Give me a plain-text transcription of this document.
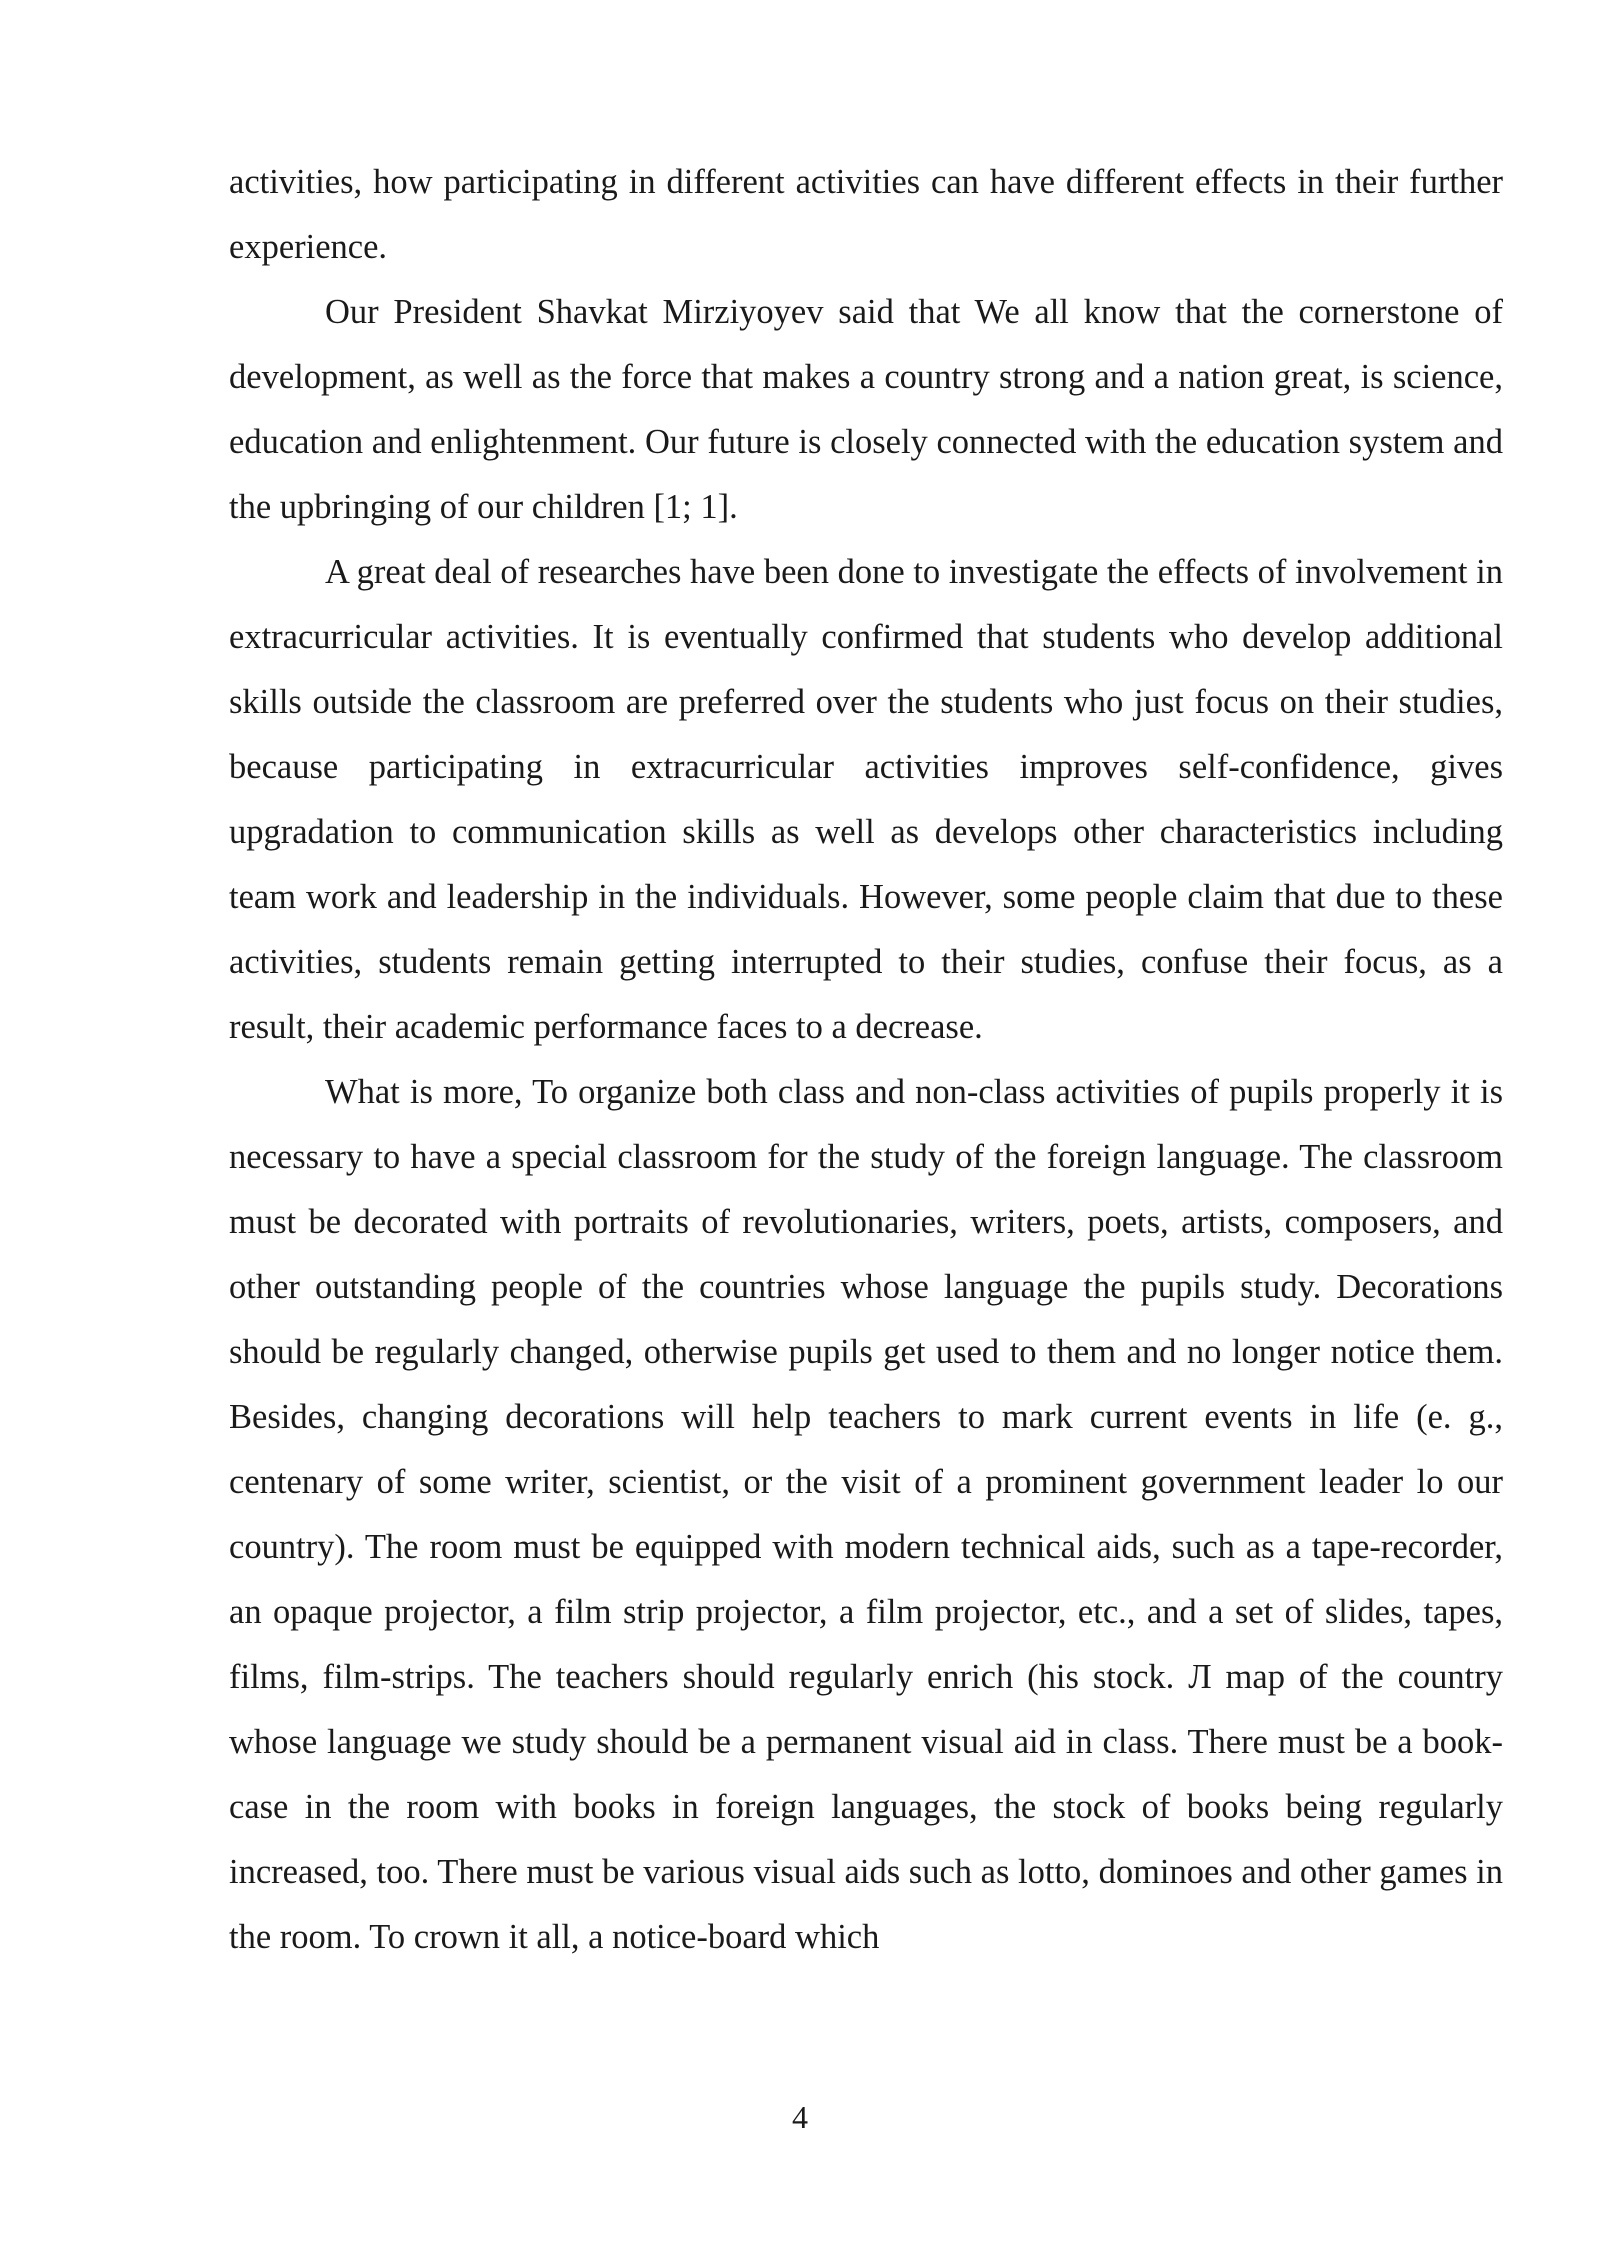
activities, how participating in different activities can have different effects in their further experience.

Our President Shavkat Mirziyoyev said that We all know that the cornerstone of development, as well as the force that makes a country strong and a nation great, is science, education and enlightenment. Our future is closely connected with the education system and the upbringing of our children [1; 1].

A great deal of researches have been done to investigate the effects of involvement in extracurricular activities. It is eventually confirmed that students who develop additional skills outside the classroom are preferred over the students who just focus on their studies, because participating in extracurricular activities improves self-confidence, gives upgradation to communication skills as well as develops other characteristics including team work and leadership in the individuals. However, some people claim that due to these activities, students remain getting interrupted to their studies, confuse their focus, as a result, their academic performance faces to a decrease.

What is more, To organize both class and non-class activities of pupils properly it is necessary to have a special classroom for the study of the foreign language. The classroom must be decorated with portraits of revolutionaries, writers, poets, artists, composers, and other outstanding people of the countries whose language the pupils study. Decorations should be regularly changed, otherwise pupils get used to them and no longer notice them. Besides, changing decorations will help teachers to mark current events in life (e. g., centenary of some writer, scientist, or the visit of a prominent government leader lo our country). The room must be equipped with modern technical aids, such as a tape-recorder, an opaque projector, a film strip projector, a film projector, etc., and a set of slides, tapes, films, film-strips. The teachers should regularly enrich (his stock. Л map of the country whose language we study should be a permanent visual aid in class. There must be a book-case in the room with books in foreign languages, the stock of books being regularly increased, too. There must be various visual aids such as lotto, dominoes and other games in the room. To crown it all, a notice-board which

4
